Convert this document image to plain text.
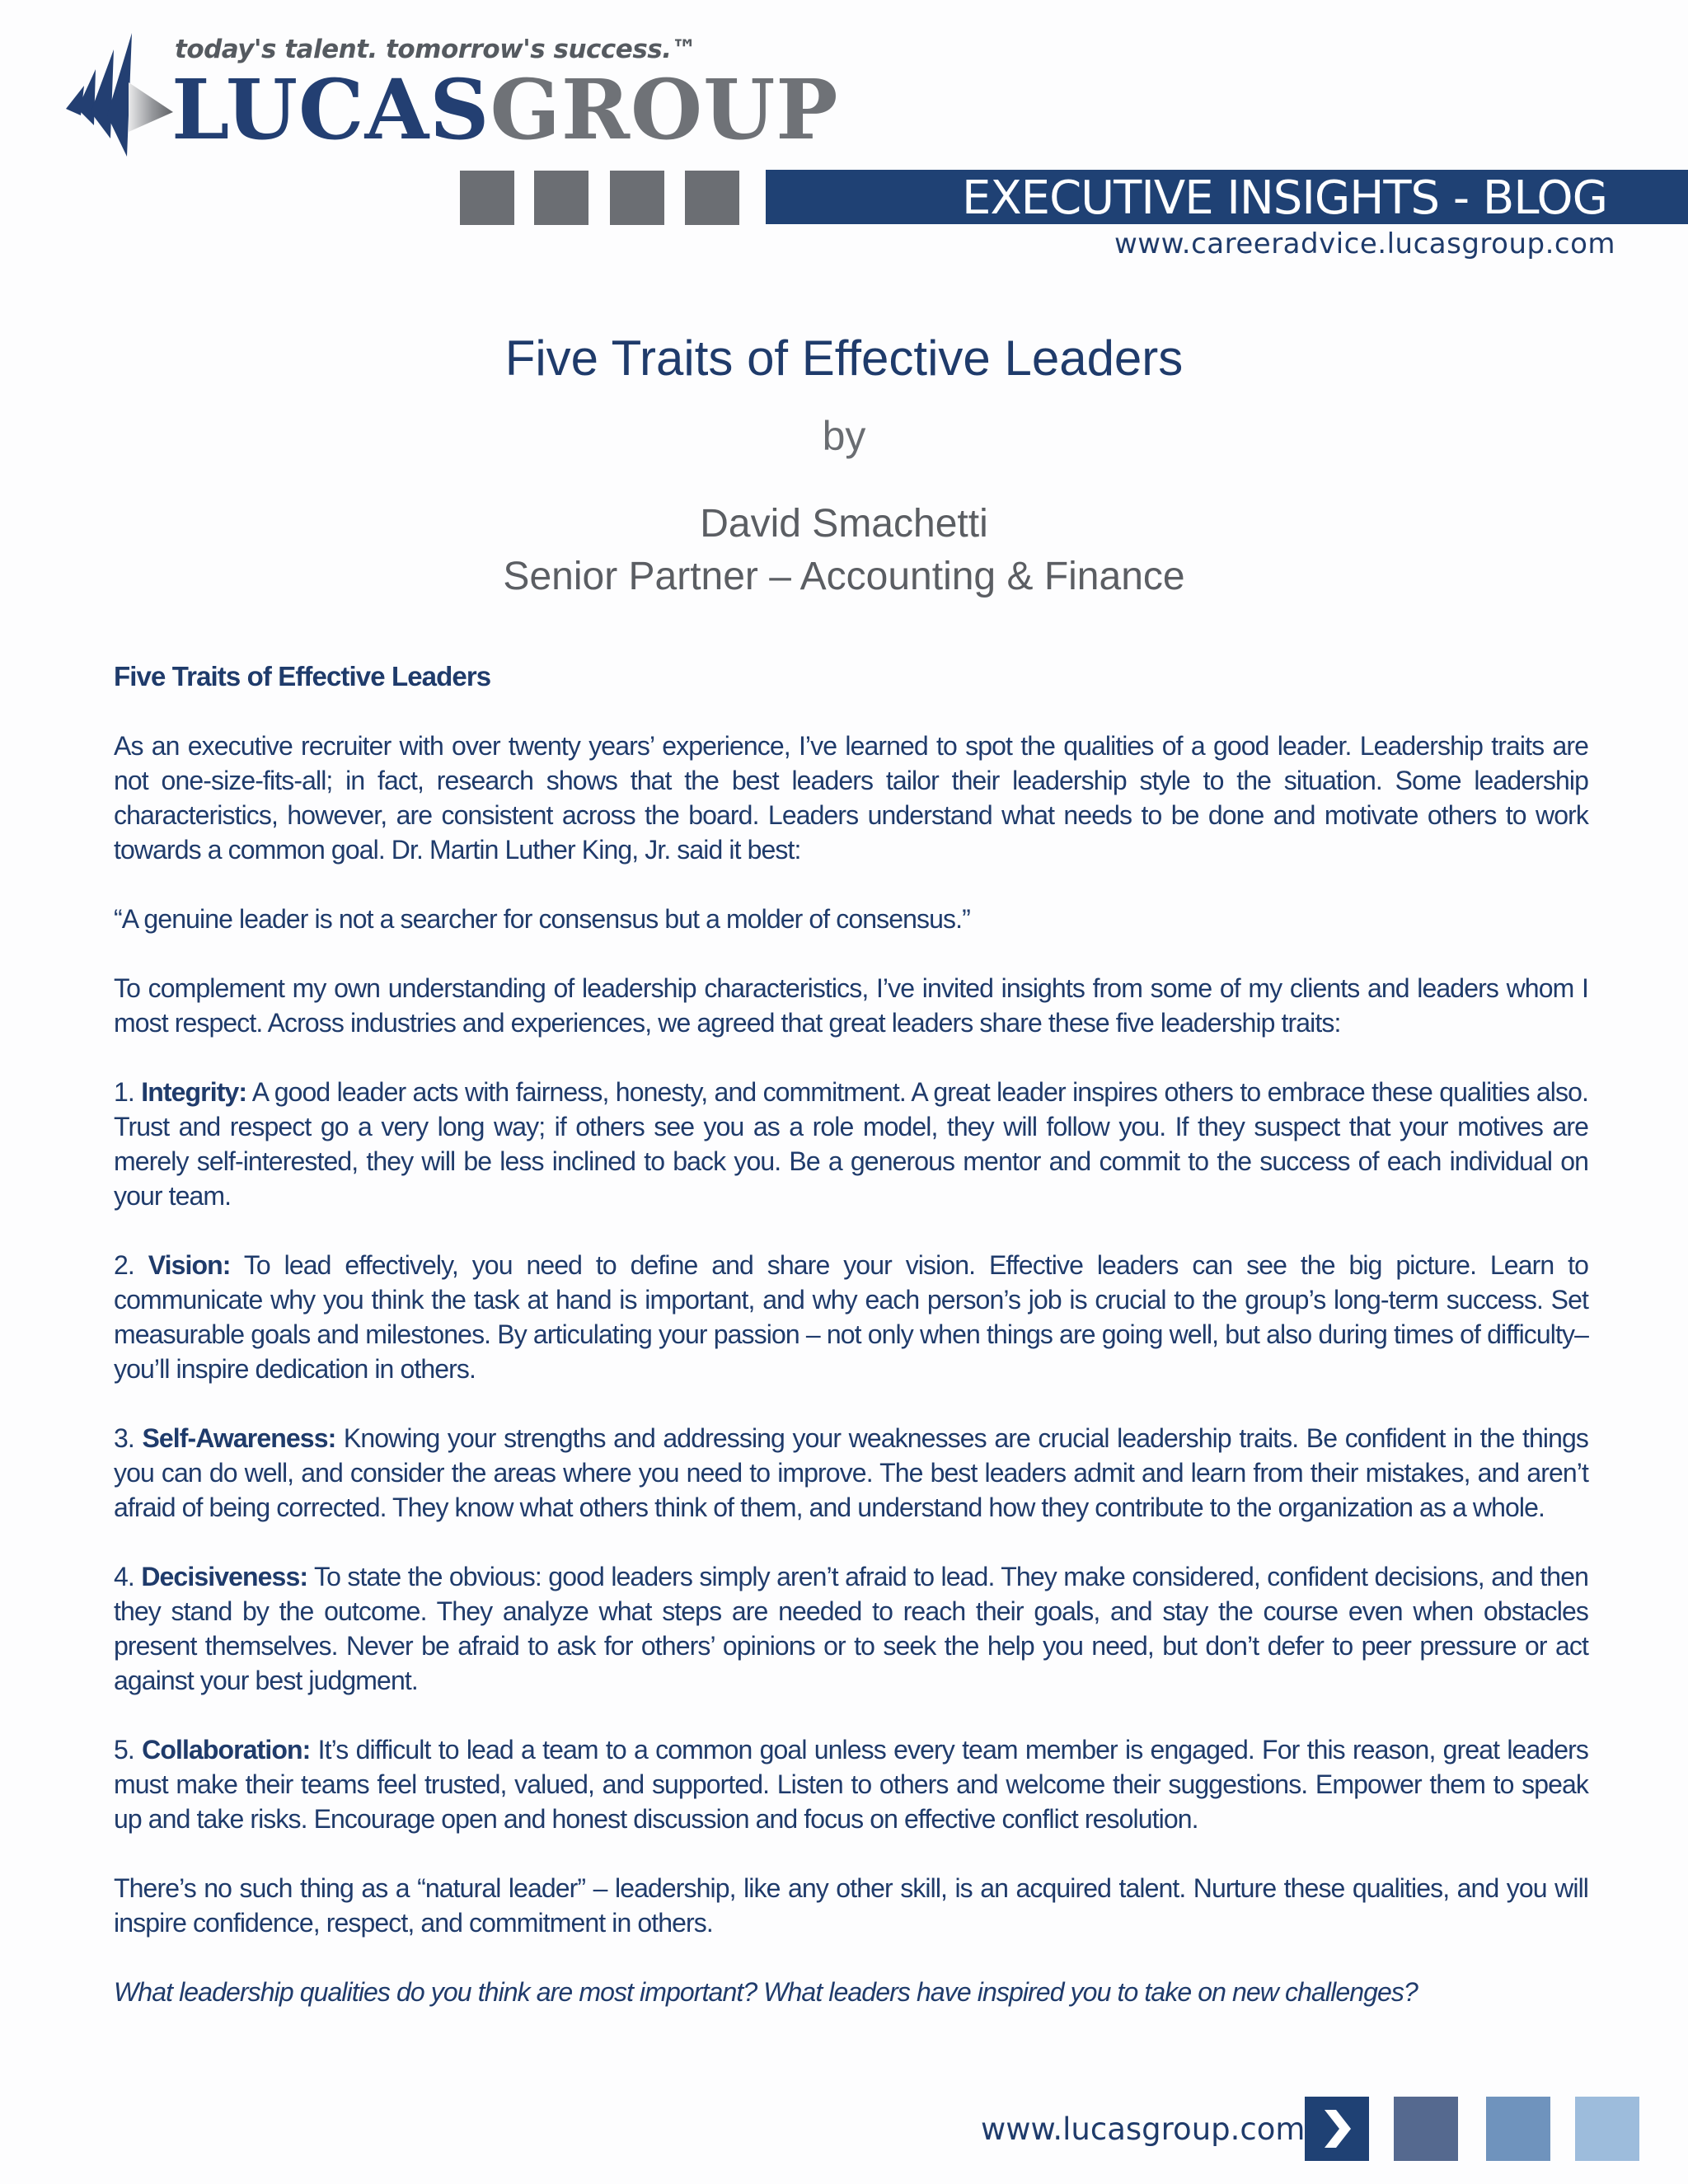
today's talent. tomorrow's success.™
LUCASGROUP
EXECUTIVE INSIGHTS - BLOG
www.careeradvice.lucasgroup.com
Five Traits of Effective Leaders
by
David Smachetti
Senior Partner – Accounting & Finance

Five Traits of Effective Leaders

As an executive recruiter with over twenty years’ experience, I’ve learned to spot the qualities of a good leader. Leadership traits are not one-size-fits-all; in fact, research shows that the best leaders tailor their leadership style to the situation. Some leadership characteristics, however, are consistent across the board. Leaders understand what needs to be done and motivate others to work towards a common goal. Dr. Martin Luther King, Jr. said it best:

“A genuine leader is not a searcher for consensus but a molder of consensus.”

To complement my own understanding of leadership characteristics, I’ve invited insights from some of my clients and leaders whom I most respect. Across industries and experiences, we agreed that great leaders share these five leadership traits:

1. Integrity: A good leader acts with fairness, honesty, and commitment. A great leader inspires others to embrace these qualities also. Trust and respect go a very long way; if others see you as a role model, they will follow you. If they suspect that your motives are merely self-interested, they will be less inclined to back you. Be a generous mentor and commit to the success of each individual on your team.

2. Vision: To lead effectively, you need to define and share your vision. Effective leaders can see the big picture. Learn to communicate why you think the task at hand is important, and why each person’s job is crucial to the group’s long-term success. Set measurable goals and milestones. By articulating your passion – not only when things are going well, but also during times of difficulty– you’ll inspire dedication in others.

3. Self-Awareness: Knowing your strengths and addressing your weaknesses are crucial leadership traits. Be confident in the things you can do well, and consider the areas where you need to improve. The best leaders admit and learn from their mistakes, and aren’t afraid of being corrected. They know what others think of them, and understand how they contribute to the organization as a whole.

4. Decisiveness: To state the obvious: good leaders simply aren’t afraid to lead. They make considered, confident decisions, and then they stand by the outcome. They analyze what steps are needed to reach their goals, and stay the course even when obstacles present themselves. Never be afraid to ask for others’ opinions or to seek the help you need, but don’t defer to peer pressure or act against your best judgment.

5. Collaboration: It’s difficult to lead a team to a common goal unless every team member is engaged. For this reason, great leaders must make their teams feel trusted, valued, and supported. Listen to others and welcome their suggestions. Empower them to speak up and take risks. Encourage open and honest discussion and focus on effective conflict resolution.

There’s no such thing as a “natural leader” – leadership, like any other skill, is an acquired talent. Nurture these qualities, and you will inspire confidence, respect, and commitment in others.

What leadership qualities do you think are most important? What leaders have inspired you to take on new challenges?

www.lucasgroup.com
